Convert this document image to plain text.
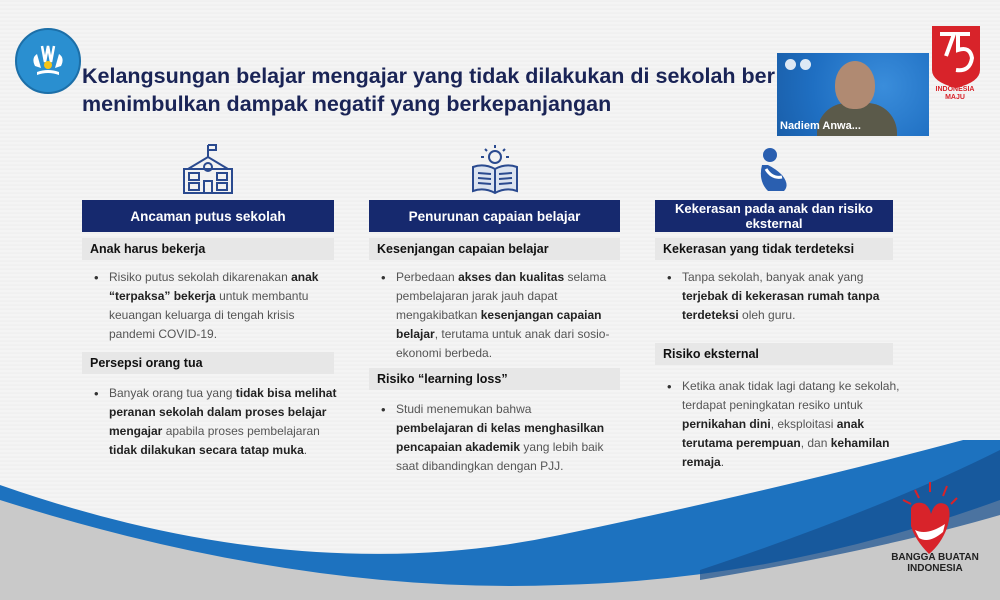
Kelangsungan belajar mengajar yang tidak dilakukan di sekolah ber
menimbulkan dampak negatif yang berkepanjangan
Nadiem Anwa...
INDONESIA
MAJU
Ancaman putus sekolah
Anak harus bekerja
• Risiko putus sekolah dikarenakan anak “terpaksa” bekerja untuk membantu keuangan keluarga di tengah krisis pandemi COVID-19.
Persepsi orang tua
• Banyak orang tua yang tidak bisa melihat peranan sekolah dalam proses belajar mengajar apabila proses pembelajaran tidak dilakukan secara tatap muka.
Penurunan capaian belajar
Kesenjangan capaian belajar
• Perbedaan akses dan kualitas selama pembelajaran jarak jauh dapat mengakibatkan kesenjangan capaian belajar, terutama untuk anak dari sosio-ekonomi berbeda.
Risiko “learning loss”
• Studi menemukan bahwa pembelajaran di kelas menghasilkan pencapaian akademik yang lebih baik saat dibandingkan dengan PJJ.
Kekerasan pada anak dan risiko eksternal
Kekerasan yang tidak terdeteksi
• Tanpa sekolah, banyak anak yang terjebak di kekerasan rumah tanpa terdeteksi oleh guru.
Risiko eksternal
• Ketika anak tidak lagi datang ke sekolah, terdapat peningkatan resiko untuk pernikahan dini, eksploitasi anak terutama perempuan, dan kehamilan remaja.
BANGGA BUATAN
INDONESIA
